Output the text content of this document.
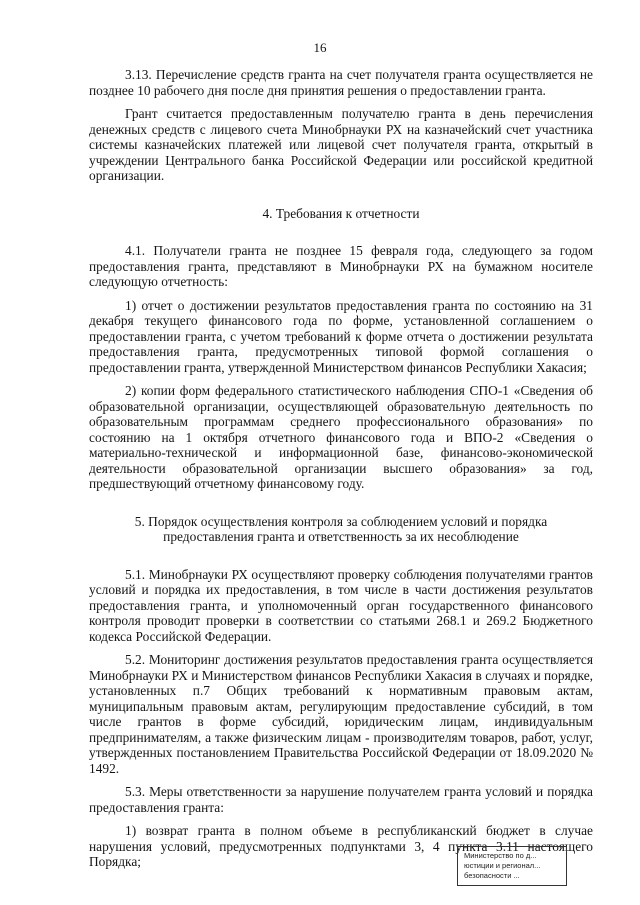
16

3.13. Перечисление средств гранта на счет получателя гранта осуществляется не позднее 10 рабочего дня после дня принятия решения о предоставлении гранта.

Грант считается предоставленным получателю гранта в день перечисления денежных средств с лицевого счета Минобрнауки РХ на казначейский счет участника системы казначейских платежей или лицевой счет получателя гранта, открытый в учреждении Центрального банка Российской Федерации или российской кредитной организации.

4. Требования к отчетности

4.1. Получатели гранта не позднее 15 февраля года, следующего за годом предоставления гранта, представляют в Минобрнауки РХ на бумажном носителе следующую отчетность:

1) отчет о достижении результатов предоставления гранта по состоянию на 31 декабря текущего финансового года по форме, установленной соглашением о предоставлении гранта, с учетом требований к форме отчета о достижении результата предоставления гранта, предусмотренных типовой формой соглашения о предоставлении гранта, утвержденной Министерством финансов Республики Хакасия;

2) копии форм федерального статистического наблюдения СПО-1 «Сведения об образовательной организации, осуществляющей образовательную деятельность по образовательным программам среднего профессионального образования» по состоянию на 1 октября отчетного финансового года и ВПО-2 «Сведения о материально-технической и информационной базе, финансово-экономической деятельности образовательной организации высшего образования» за год, предшествующий отчетному финансовому году.

5. Порядок осуществления контроля за соблюдением условий и порядка предоставления гранта и ответственность за их несоблюдение

5.1. Минобрнауки РХ осуществляют проверку соблюдения получателями грантов условий и порядка их предоставления, в том числе в части достижения результатов предоставления гранта, и уполномоченный орган государственного финансового контроля проводит проверки в соответствии со статьями 268.1 и 269.2 Бюджетного кодекса Российской Федерации.

5.2. Мониторинг достижения результатов предоставления гранта осуществляется Минобрнауки РХ и Министерством финансов Республики Хакасия в случаях и порядке, установленных п.7 Общих требований к нормативным правовым актам, муниципальным правовым актам, регулирующим предоставление субсидий, в том числе грантов в форме субсидий, юридическим лицам, индивидуальным предпринимателям, а также физическим лицам - производителям товаров, работ, услуг, утвержденных постановлением Правительства Российской Федерации от 18.09.2020 № 1492.

5.3. Меры ответственности за нарушение получателем гранта условий и порядка предоставления гранта:

1) возврат гранта в полном объеме в республиканский бюджет в случае нарушения условий, предусмотренных подпунктами 3, 4 пункта 3.11 настоящего Порядка;	Министерство по д...
юстиции и регионал...
безопасности ...
